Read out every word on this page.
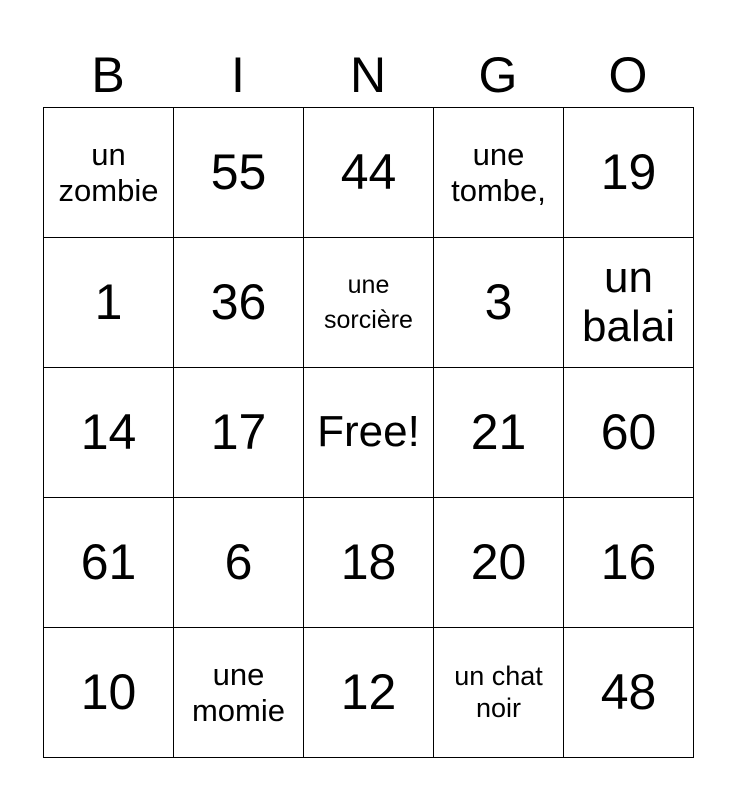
B	I	N	G	O
un zombie	55	44	une tombe,	19
1	36	une sorcière	3	un balai
14	17	Free!	21	60
61	6	18	20	16
10	une momie	12	un chat noir	48
